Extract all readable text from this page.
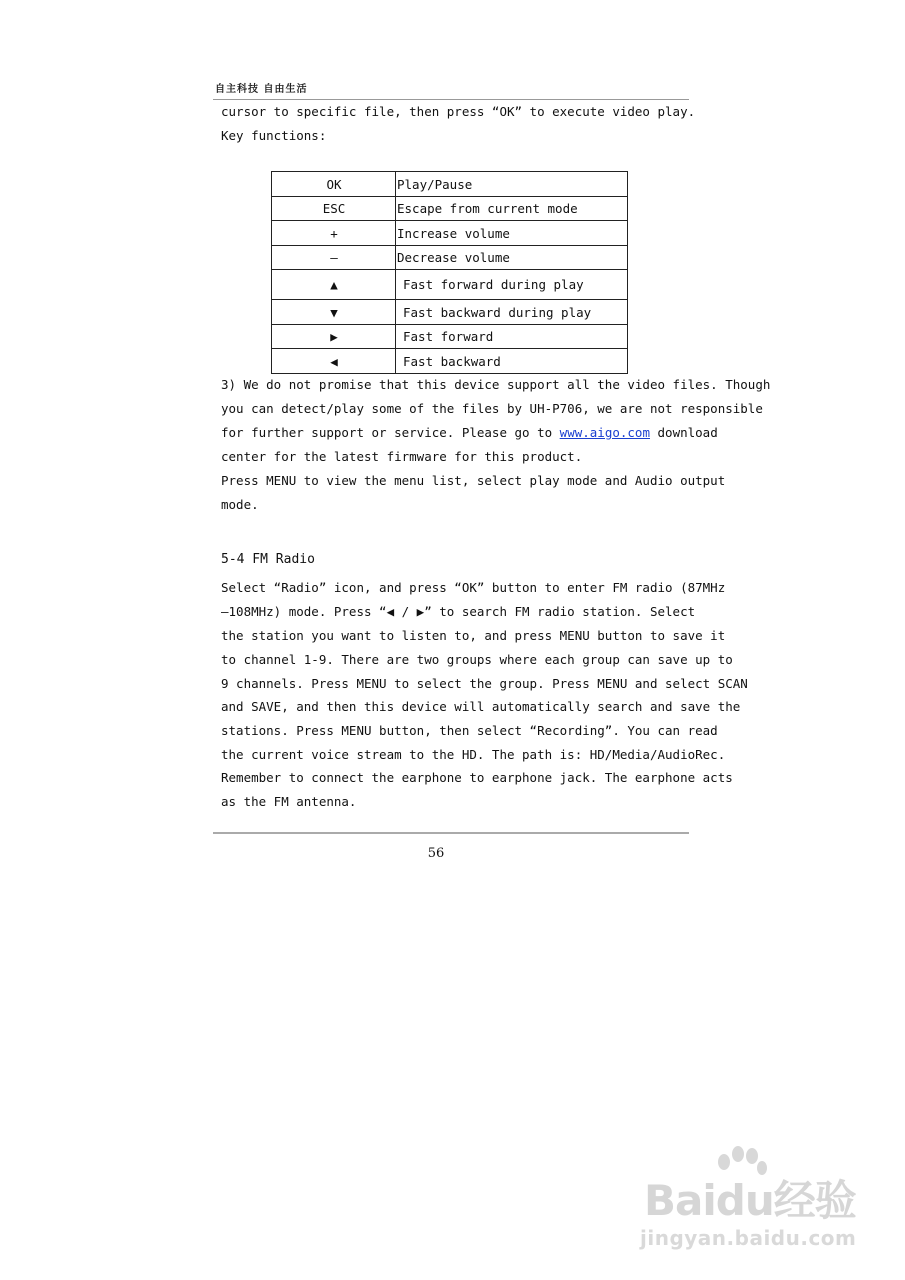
自主科技 自由生活
cursor to specific file, then press “OK” to execute video play.
Key functions:
OK	Play/Pause
ESC	Escape from current mode
+	Increase volume
—	Decrease volume
▲	Fast forward during play
▼	Fast backward during play
▶	Fast forward
◀	Fast backward
3) We do not promise that this device support all the video files. Though
you can detect/play some of the files by UH-P706, we are not responsible
for further support or service. Please go to www.aigo.com download
center for the latest firmware for this product.
Press MENU to view the menu list, select play mode and Audio output
mode.
5-4 FM Radio
Select “Radio” icon, and press “OK” button to enter FM radio (87MHz
–108MHz) mode. Press “◀ / ▶” to search FM radio station. Select
the station you want to listen to, and press MENU button to save it
to channel 1-9. There are two groups where each group can save up to
9 channels. Press MENU to select the group. Press MENU and select SCAN
and SAVE, and then this device will automatically search and save the
stations. Press MENU button, then select “Recording”. You can read
the current voice stream to the HD. The path is: HD/Media/AudioRec.
Remember to connect the earphone to earphone jack. The earphone acts
as the FM antenna.
56
Baidu经验
jingyan.baidu.com
